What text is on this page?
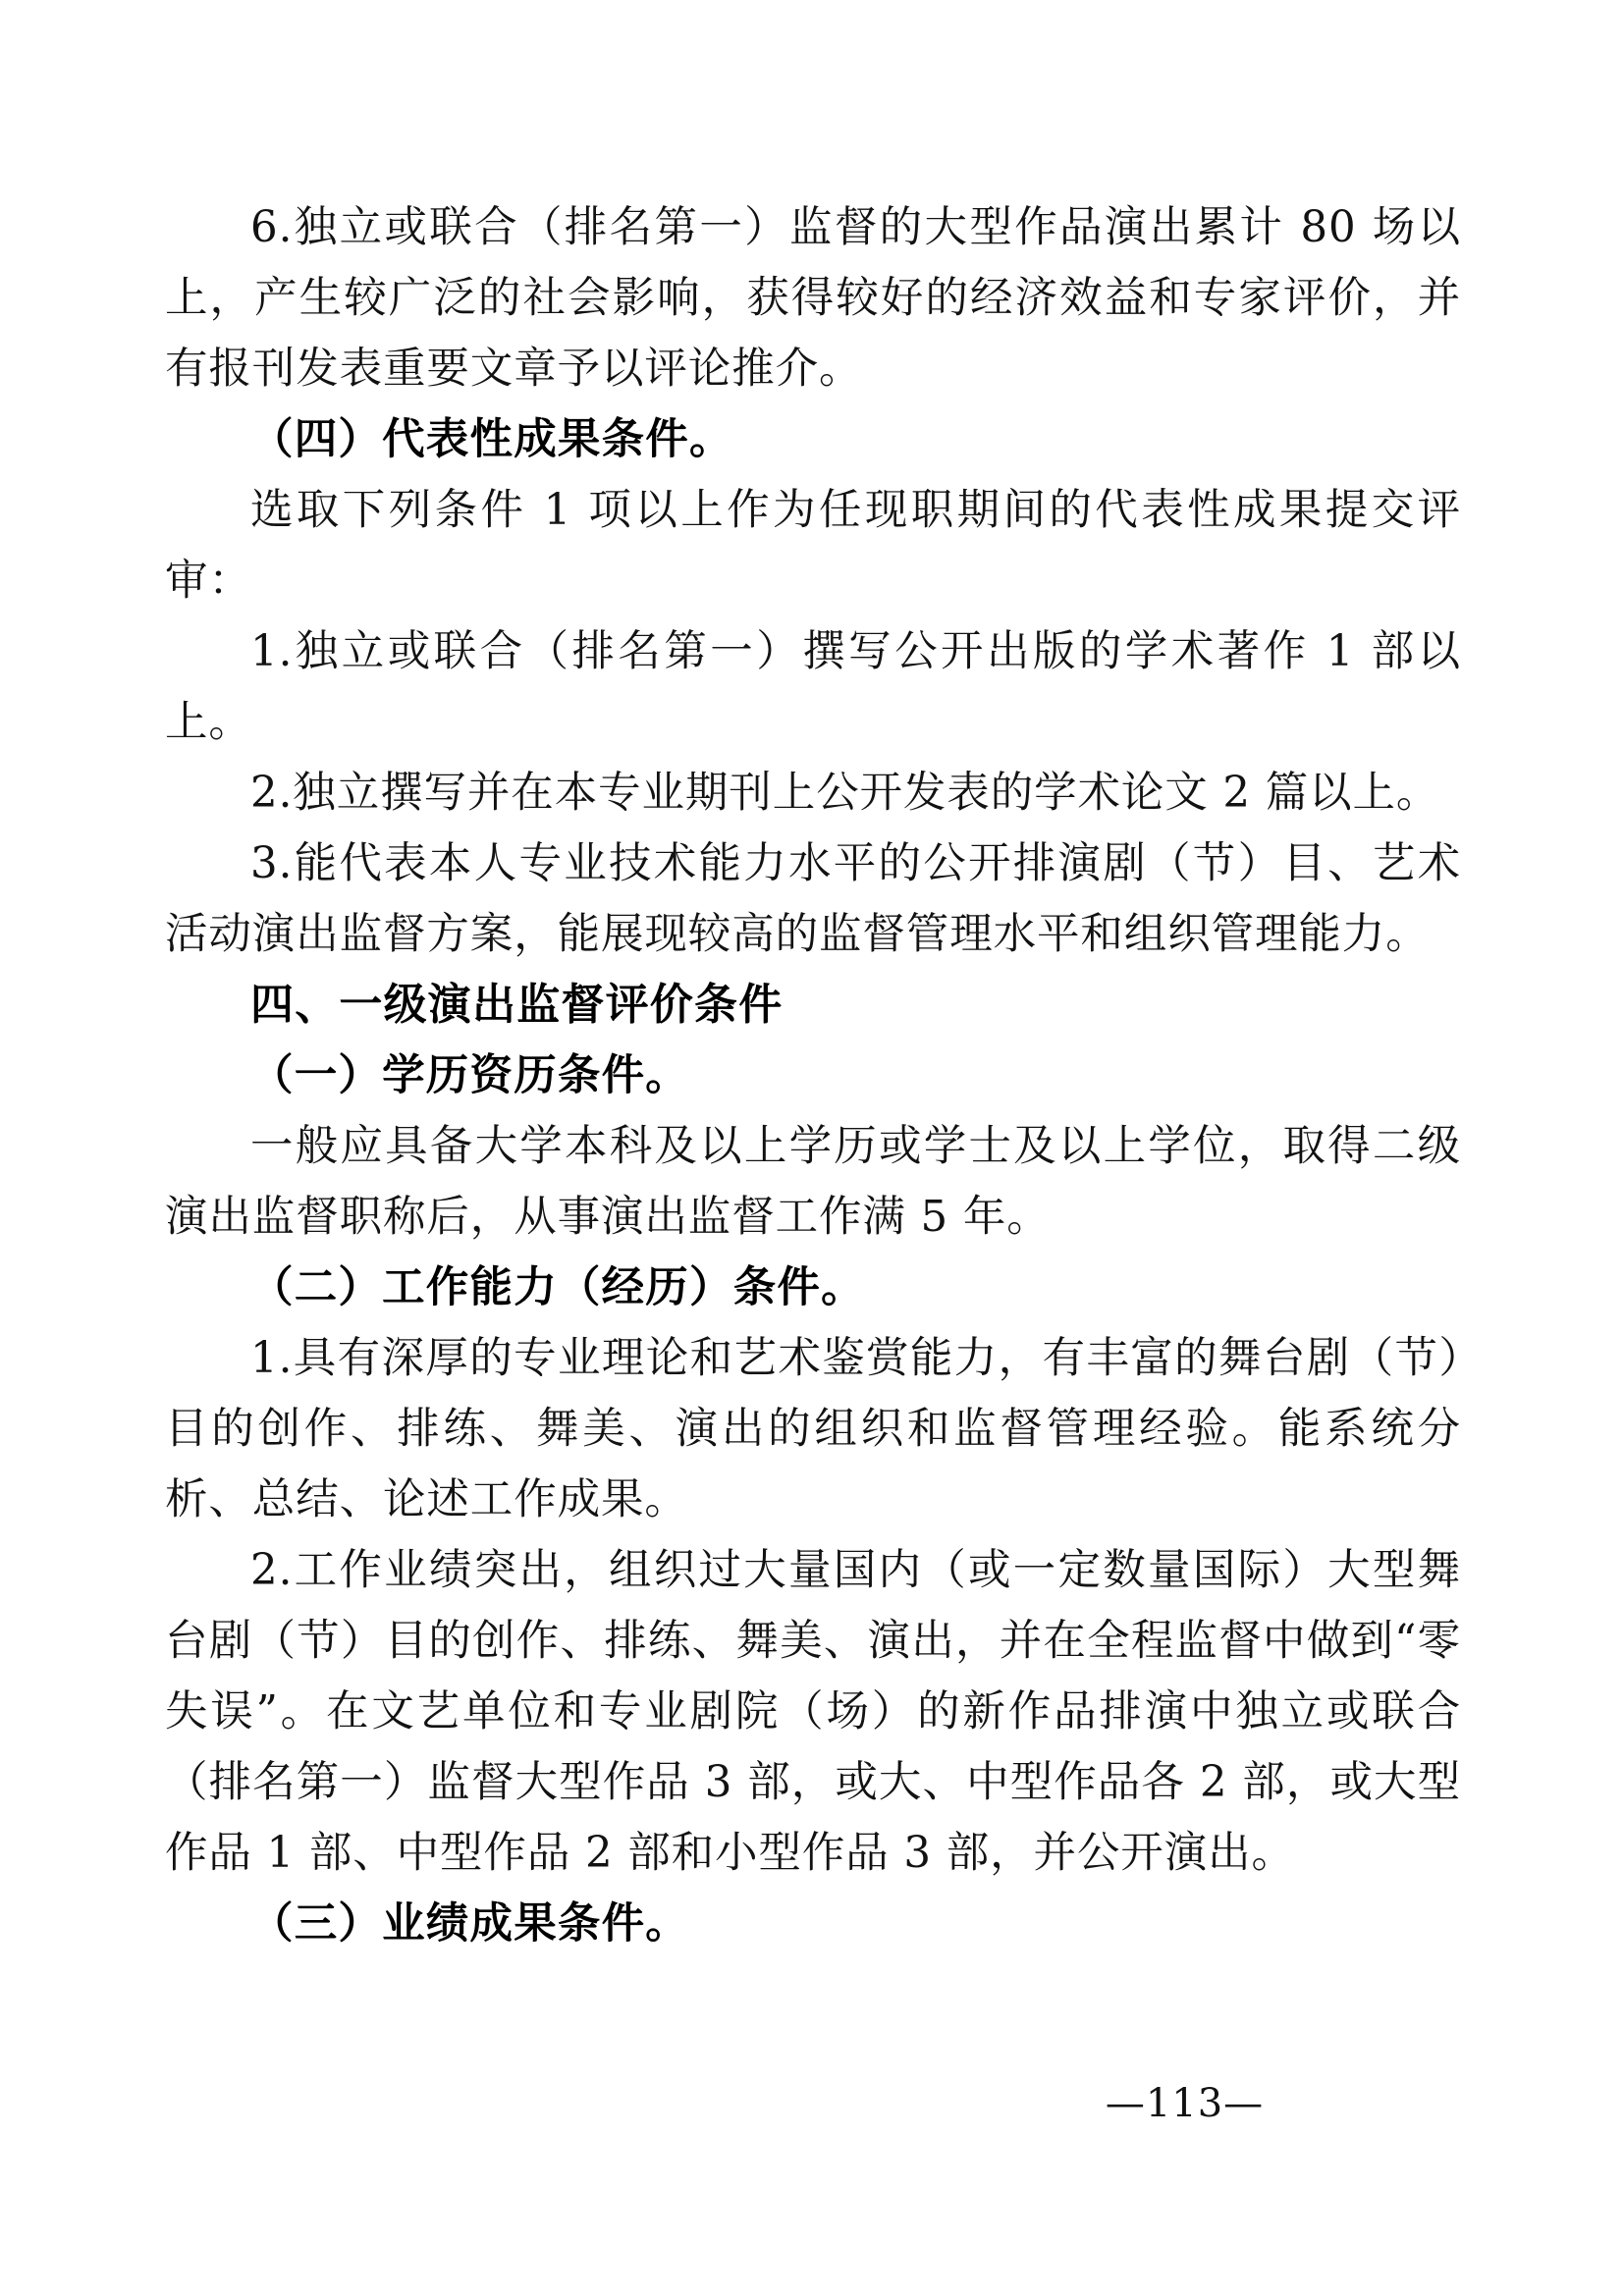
6.独立或联合（排名第一）监督的大型作品演出累计 80 场以上，产生较广泛的社会影响，获得较好的经济效益和专家评价，并有报刊发表重要文章予以评论推介。

（四）代表性成果条件。

选取下列条件 1 项以上作为任现职期间的代表性成果提交评审：

1.独立或联合（排名第一）撰写公开出版的学术著作 1 部以上。

2.独立撰写并在本专业期刊上公开发表的学术论文 2 篇以上。

3.能代表本人专业技术能力水平的公开排演剧（节）目、艺术活动演出监督方案，能展现较高的监督管理水平和组织管理能力。

四、一级演出监督评价条件

（一）学历资历条件。

一般应具备大学本科及以上学历或学士及以上学位，取得二级演出监督职称后，从事演出监督工作满 5 年。

（二）工作能力（经历）条件。

1.具有深厚的专业理论和艺术鉴赏能力，有丰富的舞台剧（节）目的创作、排练、舞美、演出的组织和监督管理经验。能系统分析、总结、论述工作成果。

2.工作业绩突出，组织过大量国内（或一定数量国际）大型舞台剧（节）目的创作、排练、舞美、演出，并在全程监督中做到“零失误”。在文艺单位和专业剧院（场）的新作品排演中独立或联合（排名第一）监督大型作品 3 部，或大、中型作品各 2 部，或大型作品 1 部、中型作品 2 部和小型作品 3 部，并公开演出。

（三）业绩成果条件。

—113—
